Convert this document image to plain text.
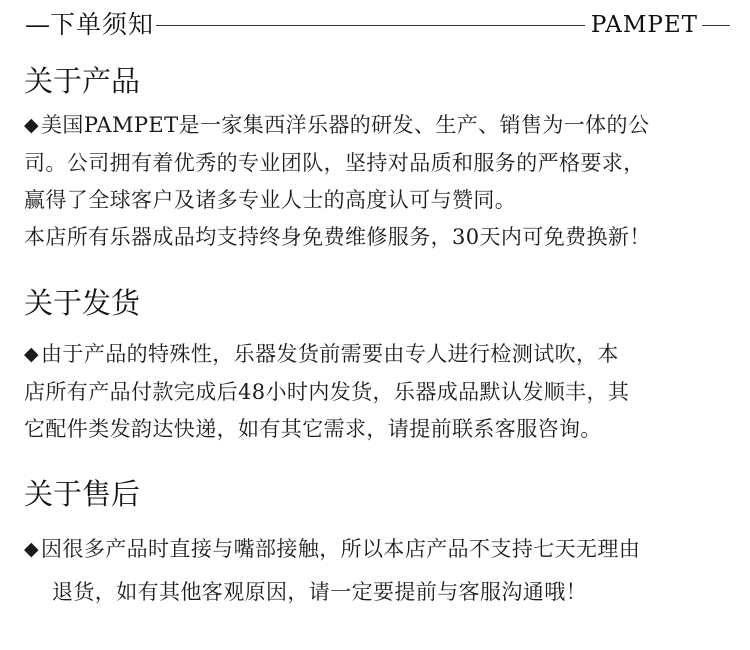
— 下单须知	PAMPET
关于产品

◆美国PAMPET是一家集西洋乐器的研发、生产、销售为一体的公
司。公司拥有着优秀的专业团队，坚持对品质和服务的严格要求，
赢得了全球客户及诸多专业人士的高度认可与赞同。

本店所有乐器成品均支持终身免费维修服务，30天内可免费换新！

关于发货

◆由于产品的特殊性，乐器发货前需要由专人进行检测试吹，本
店所有产品付款完成后48小时内发货，乐器成品默认发顺丰，其
它配件类发韵达快递，如有其它需求，请提前联系客服咨询。

关于售后

◆因很多产品时直接与嘴部接触，所以本店产品不支持七天无理由

退货，如有其他客观原因，请一定要提前与客服沟通哦！
